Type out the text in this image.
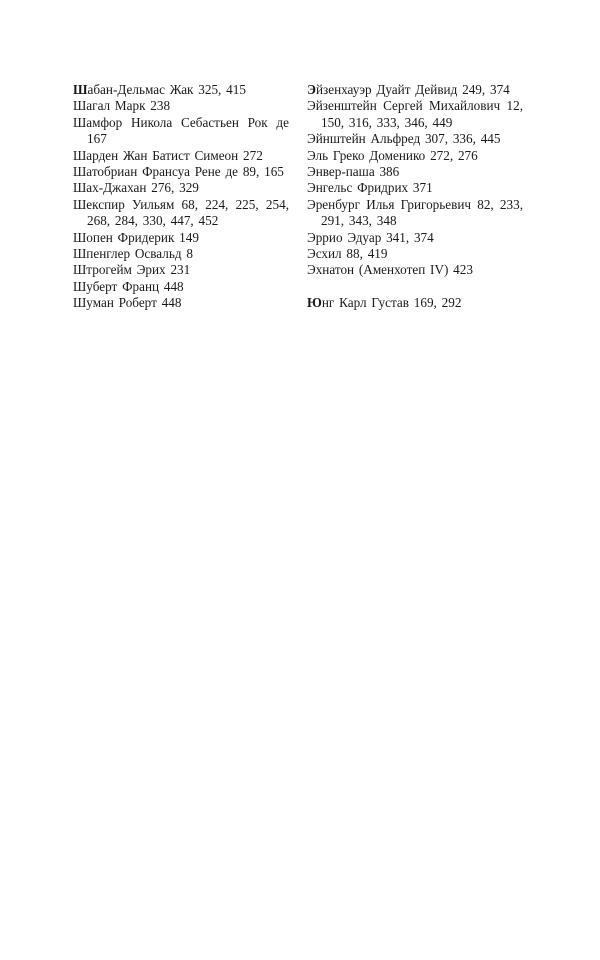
Шабан-Дельмас Жак 325, 415
Шагал Марк 238
Шамфор Никола Себастьен Рок де 167
Шарден Жан Батист Симеон 272
Шатобриан Франсуа Рене де 89, 165
Шах-Джахан 276, 329
Шекспир Уильям 68, 224, 225, 254, 268, 284, 330, 447, 452
Шопен Фридерик 149
Шпенглер Освальд 8
Штрогейм Эрих 231
Шуберт Франц 448
Шуман Роберт 448
Эйзенхауэр Дуайт Дейвид 249, 374
Эйзенштейн Сергей Михайлович 12, 150, 316, 333, 346, 449
Эйнштейн Альфред 307, 336, 445
Эль Греко Доменико 272, 276
Энвер-паша 386
Энгельс Фридрих 371
Эренбург Илья Григорьевич 82, 233, 291, 343, 348
Эррио Эдуар 341, 374
Эсхил 88, 419
Эхнатон (Аменхотеп IV) 423
Юнг Карл Густав 169, 292
